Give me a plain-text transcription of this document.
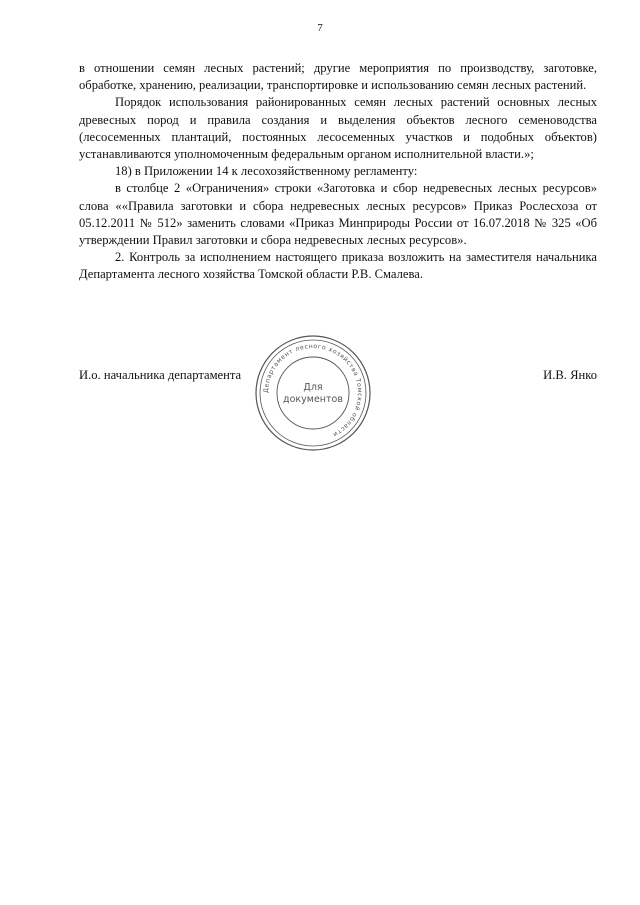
7

в отношении семян лесных растений; другие мероприятия по производству, заготовке, обработке, хранению, реализации, транспортировке и использованию семян лесных растений.

Порядок использования районированных семян лесных растений основных лесных древесных пород и правила создания и выделения объектов лесного семеноводства (лесосеменных плантаций, постоянных лесосеменных участков и подобных объектов) устанавливаются уполномоченным федеральным органом исполнительной власти.»;

18) в Приложении 14 к лесохозяйственному регламенту:

в столбце 2 «Ограничения» строки «Заготовка и сбор недревесных лесных ресурсов» слова ««Правила заготовки и сбора недревесных лесных ресурсов» Приказ Рослесхоза от 05.12.2011 № 512» заменить словами «Приказ Минприроды России от 16.07.2018 № 325 «Об утверждении Правил заготовки и сбора недревесных лесных ресурсов».

2. Контроль за исполнением настоящего приказа возложить на заместителя начальника Департамента лесного хозяйства Томской области Р.В. Смалева.

И.о. начальника департамента	И.В. Янко
Департамент лесного хозяйства Томской области
Для
документов
